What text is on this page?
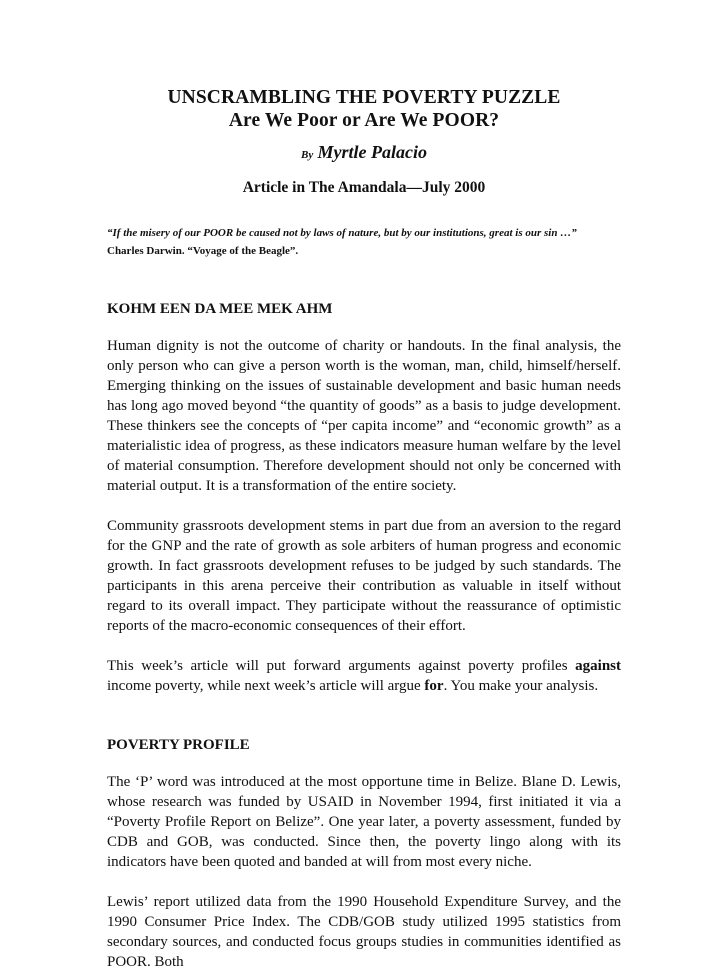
UNSCRAMBLING THE POVERTY PUZZLE
Are We Poor or Are We POOR?
By Myrtle Palacio
Article in The Amandala—July 2000
“If the misery of our POOR be caused not by laws of nature, but by our institutions, great is our sin …”
Charles Darwin. “Voyage of the Beagle”.
KOHM EEN DA MEE MEK AHM

Human dignity is not the outcome of charity or handouts. In the final analysis, the only person who can give a person worth is the woman, man, child, himself/herself. Emerging thinking on the issues of sustainable development and basic human needs has long ago moved beyond “the quantity of goods” as a basis to judge development. These thinkers see the concepts of “per capita income” and “economic growth” as a materialistic idea of progress, as these indicators measure human welfare by the level of material consumption. Therefore development should not only be concerned with material output. It is a transformation of the entire society.

Community grassroots development stems in part due from an aversion to the regard for the GNP and the rate of growth as sole arbiters of human progress and economic growth. In fact grassroots development refuses to be judged by such standards. The participants in this arena perceive their contribution as valuable in itself without regard to its overall impact. They participate without the reassurance of optimistic reports of the macro-economic consequences of their effort.

This week’s article will put forward arguments against poverty profiles against income poverty, while next week’s article will argue for. You make your analysis.

POVERTY PROFILE

The ‘P’ word was introduced at the most opportune time in Belize. Blane D. Lewis, whose research was funded by USAID in November 1994, first initiated it via a “Poverty Profile Report on Belize”. One year later, a poverty assessment, funded by CDB and GOB, was conducted. Since then, the poverty lingo along with its indicators have been quoted and banded at will from most every niche.

Lewis’ report utilized data from the 1990 Household Expenditure Survey, and the 1990 Consumer Price Index. The CDB/GOB study utilized 1995 statistics from secondary sources, and conducted focus groups studies in communities identified as POOR. Both
